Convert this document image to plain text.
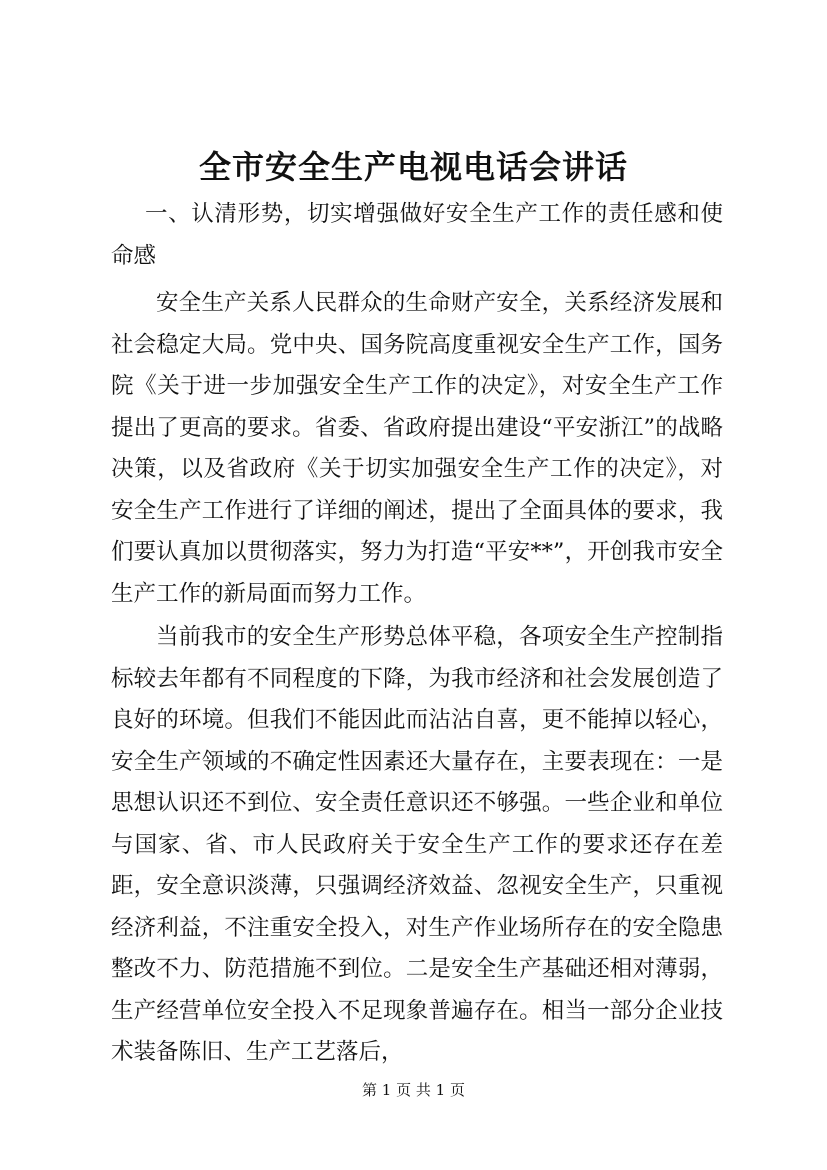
全市安全生产电视电话会讲话

一、认清形势，切实增强做好安全生产工作的责任感和使命感

安全生产关系人民群众的生命财产安全，关系经济发展和社会稳定大局。党中央、国务院高度重视安全生产工作，国务院《关于进一步加强安全生产工作的决定》，对安全生产工作提出了更高的要求。省委、省政府提出建设“平安浙江”的战略决策，以及省政府《关于切实加强安全生产工作的决定》，对安全生产工作进行了详细的阐述，提出了全面具体的要求，我们要认真加以贯彻落实，努力为打造“平安**”，开创我市安全生产工作的新局面而努力工作。

当前我市的安全生产形势总体平稳，各项安全生产控制指标较去年都有不同程度的下降，为我市经济和社会发展创造了良好的环境。但我们不能因此而沾沾自喜，更不能掉以轻心，安全生产领域的不确定性因素还大量存在，主要表现在：一是思想认识还不到位、安全责任意识还不够强。一些企业和单位与国家、省、市人民政府关于安全生产工作的要求还存在差距，安全意识淡薄，只强调经济效益、忽视安全生产，只重视经济利益，不注重安全投入，对生产作业场所存在的安全隐患整改不力、防范措施不到位。二是安全生产基础还相对薄弱，生产经营单位安全投入不足现象普遍存在。相当一部分企业技术装备陈旧、生产工艺落后，

第 1 页 共 1 页
